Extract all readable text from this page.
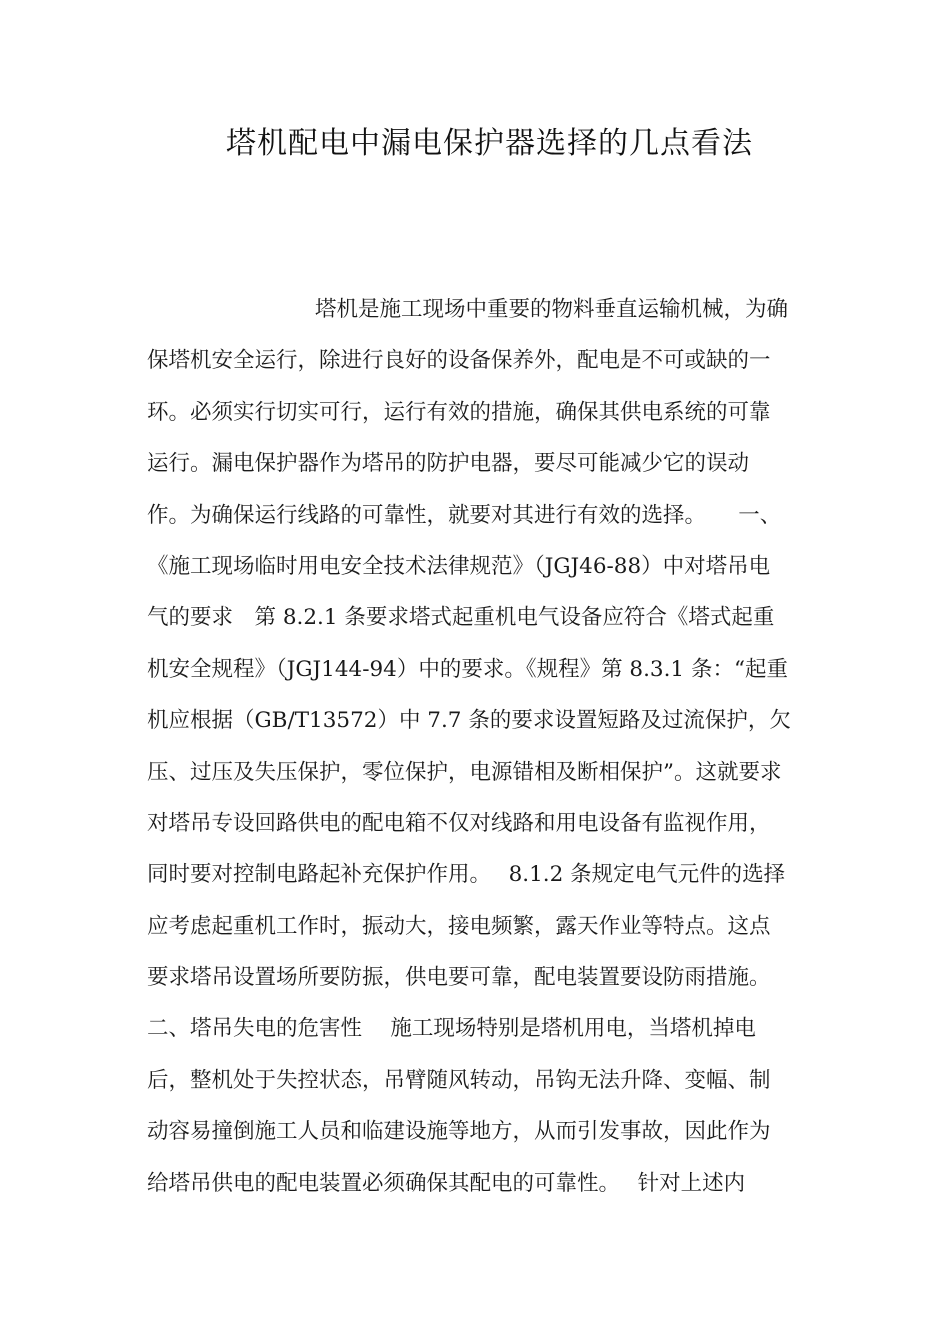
塔机配电中漏电保护器选择的几点看法
塔机是施工现场中重要的物料垂直运输机械，为确
保塔机安全运行，除进行良好的设备保养外，配电是不可或缺的一
环。必须实行切实可行，运行有效的措施，确保其供电系统的可靠
运行。漏电保护器作为塔吊的防护电器，要尽可能减少它的误动
作。为确保运行线路的可靠性，就要对其进行有效的选择。　　一、
《施工现场临时用电安全技术法律规范》（JGJ46-88）中对塔吊电
气的要求　第 8.2.1 条要求塔式起重机电气设备应符合《塔式起重
机安全规程》（JGJ144-94）中的要求。《规程》第 8.3.1 条：“起重
机应根据（GB/T13572）中 7.7 条的要求设置短路及过流保护，欠
压、过压及失压保护，零位保护，电源错相及断相保护”。这就要求
对塔吊专设回路供电的配电箱不仅对线路和用电设备有监视作用，
同时要对控制电路起补充保护作用。　 8.1.2 条规定电气元件的选择
应考虑起重机工作时，振动大，接电频繁，露天作业等特点。这点
要求塔吊设置场所要防振，供电要可靠，配电装置要设防雨措施。
二、塔吊失电的危害性　 施工现场特别是塔机用电，当塔机掉电
后，整机处于失控状态，吊臂随风转动，吊钩无法升降、变幅、制
动容易撞倒施工人员和临建设施等地方，从而引发事故，因此作为
给塔吊供电的配电装置必须确保其配电的可靠性。　 针对上述内
